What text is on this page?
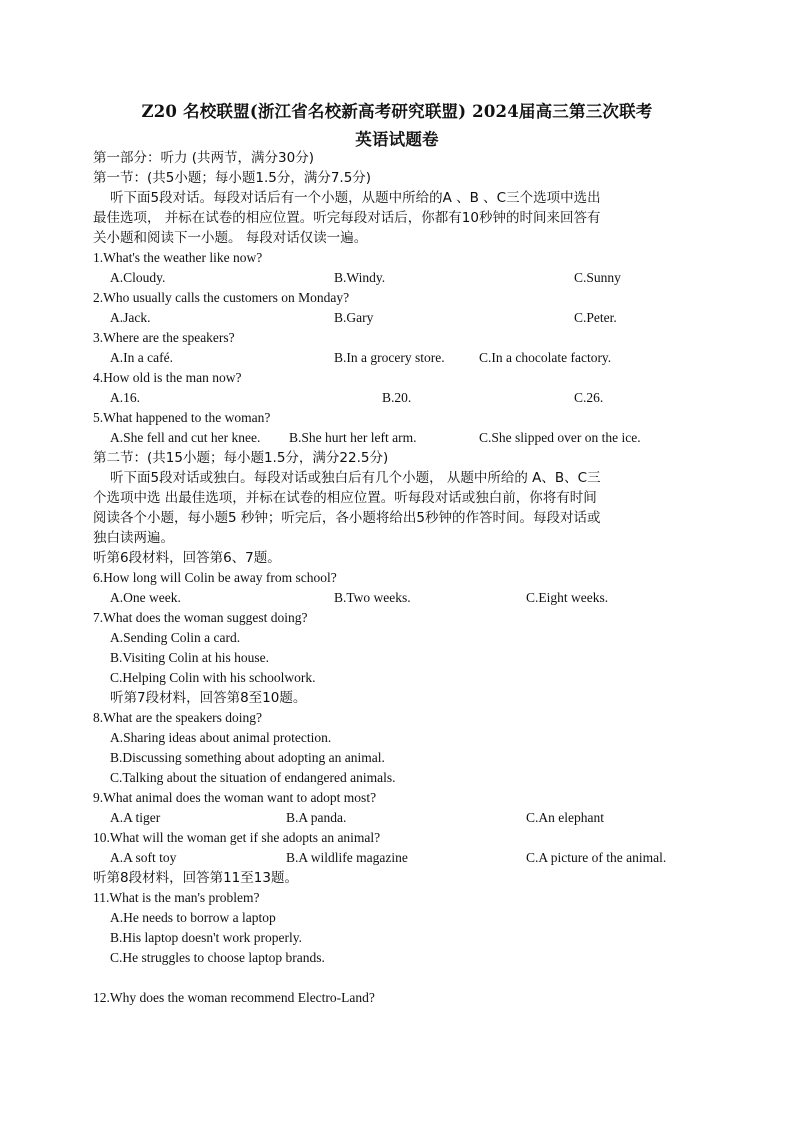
Z20 名校联盟(浙江省名校新高考研究联盟) 2024届高三第三次联考
英语试题卷
第一部分：听力 (共两节，满分30分)
第一节：(共5小题；每小题1.5分，满分7.5分)
听下面5段对话。每段对话后有一个小题，从题中所给的A 、B 、C三个选项中选出
最佳选项， 并标在试卷的相应位置。听完每段对话后，你都有10秒钟的时间来回答有
关小题和阅读下一小题。 每段对话仅读一遍。
1.What's the weather like now?
A.Cloudy.	B.Windy.	C.Sunny
2.Who usually calls the customers on Monday?
A.Jack.	B.Gary	C.Peter.
3.Where are the speakers?
A.In a café.	B.In a grocery store.	C.In a chocolate factory.
4.How old is the man now?
A.16.	B.20.	C.26.
5.What happened to the woman?
A.She fell and cut her knee. B.She hurt her left arm.	C.She slipped over on the ice.
第二节：(共15小题；每小题1.5分，满分22.5分)
听下面5段对话或独白。每段对话或独白后有几个小题， 从题中所给的 A、B、C三
个选项中选 出最佳选项，并标在试卷的相应位置。听每段对话或独白前，你将有时间
阅读各个小题，每小题5 秒钟；听完后，各小题将给出5秒钟的作答时间。每段对话或
独白读两遍。
听第6段材料，回答第6、7题。
6.How long will Colin be away from school?
A.One week.	B.Two weeks.	C.Eight weeks.
7.What does the woman suggest doing?
A.Sending Colin a card.
B.Visiting Colin at his house.
C.Helping Colin with his schoolwork.
听第7段材料，回答第8至10题。
8.What are the speakers doing?
A.Sharing ideas about animal protection.
B.Discussing something about adopting an animal.
C.Talking about the situation of endangered animals.
9.What animal does the woman want to adopt most?
A.A tiger	B.A panda.	C.An elephant
10.What will the woman get if she adopts an animal?
A.A soft toy	B.A wildlife magazine	C.A picture of the animal.
听第8段材料，回答第11至13题。
11.What is the man's problem?
A.He needs to borrow a laptop
B.His laptop doesn't work properly.
C.He struggles to choose laptop brands.
12.Why does the woman recommend Electro-Land?
